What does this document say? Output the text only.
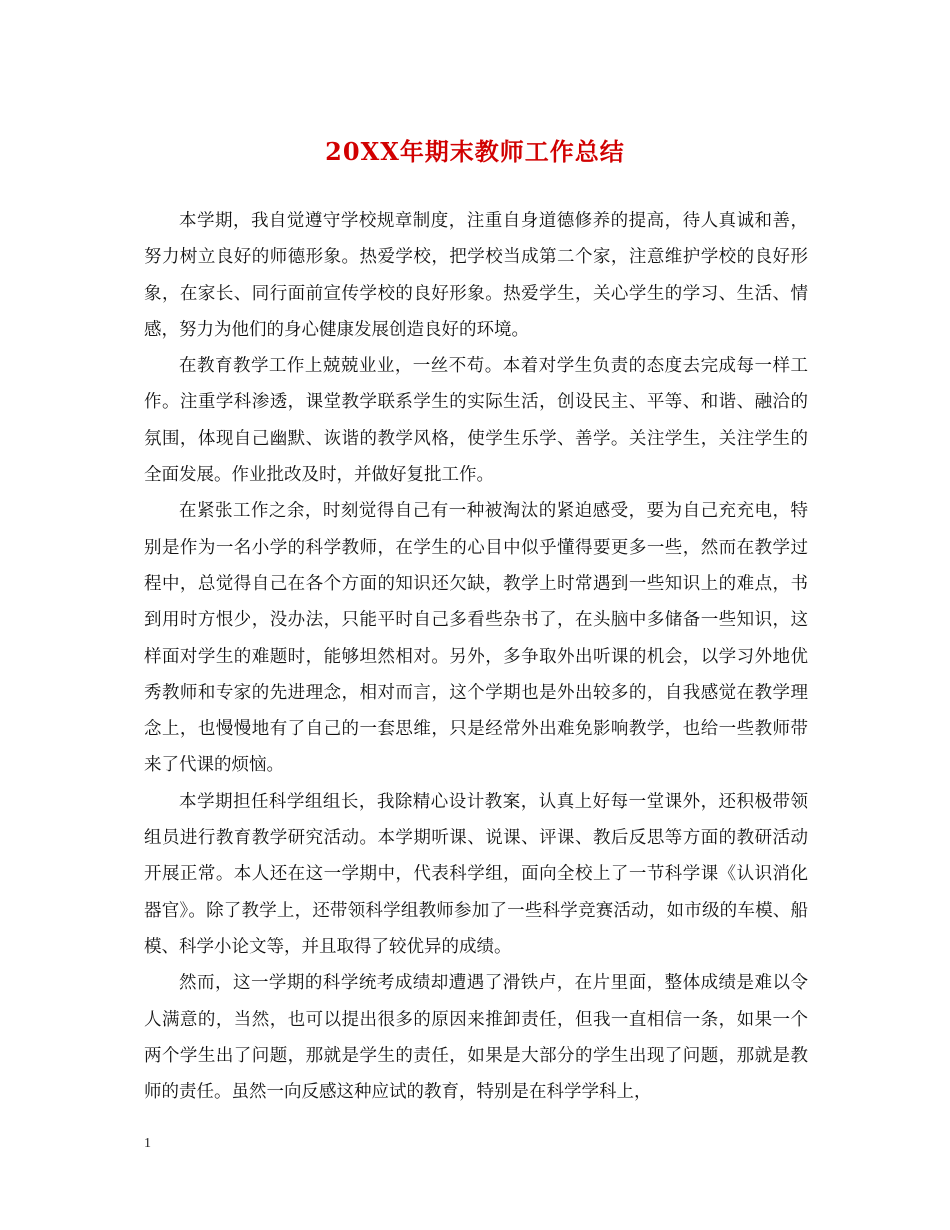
20XX年期末教师工作总结

本学期，我自觉遵守学校规章制度，注重自身道德修养的提高，待人真诚和善，努力树立良好的师德形象。热爱学校，把学校当成第二个家，注意维护学校的良好形象，在家长、同行面前宣传学校的良好形象。热爱学生，关心学生的学习、生活、情感，努力为他们的身心健康发展创造良好的环境。

在教育教学工作上兢兢业业，一丝不苟。本着对学生负责的态度去完成每一样工作。注重学科渗透，课堂教学联系学生的实际生活，创设民主、平等、和谐、融洽的氛围，体现自己幽默、诙谐的教学风格，使学生乐学、善学。关注学生，关注学生的全面发展。作业批改及时，并做好复批工作。

在紧张工作之余，时刻觉得自己有一种被淘汰的紧迫感受，要为自己充充电，特别是作为一名小学的科学教师，在学生的心目中似乎懂得要更多一些，然而在教学过程中，总觉得自己在各个方面的知识还欠缺，教学上时常遇到一些知识上的难点，书到用时方恨少，没办法，只能平时自己多看些杂书了，在头脑中多储备一些知识，这样面对学生的难题时，能够坦然相对。另外，多争取外出听课的机会，以学习外地优秀教师和专家的先进理念，相对而言，这个学期也是外出较多的，自我感觉在教学理念上，也慢慢地有了自己的一套思维，只是经常外出难免影响教学，也给一些教师带来了代课的烦恼。

本学期担任科学组组长，我除精心设计教案，认真上好每一堂课外，还积极带领组员进行教育教学研究活动。本学期听课、说课、评课、教后反思等方面的教研活动开展正常。本人还在这一学期中，代表科学组，面向全校上了一节科学课《认识消化器官》。除了教学上，还带领科学组教师参加了一些科学竞赛活动，如市级的车模、船模、科学小论文等，并且取得了较优异的成绩。

然而，这一学期的科学统考成绩却遭遇了滑铁卢，在片里面，整体成绩是难以令人满意的，当然，也可以提出很多的原因来推卸责任，但我一直相信一条，如果一个两个学生出了问题，那就是学生的责任，如果是大部分的学生出现了问题，那就是教师的责任。虽然一向反感这种应试的教育，特别是在科学学科上，

1
